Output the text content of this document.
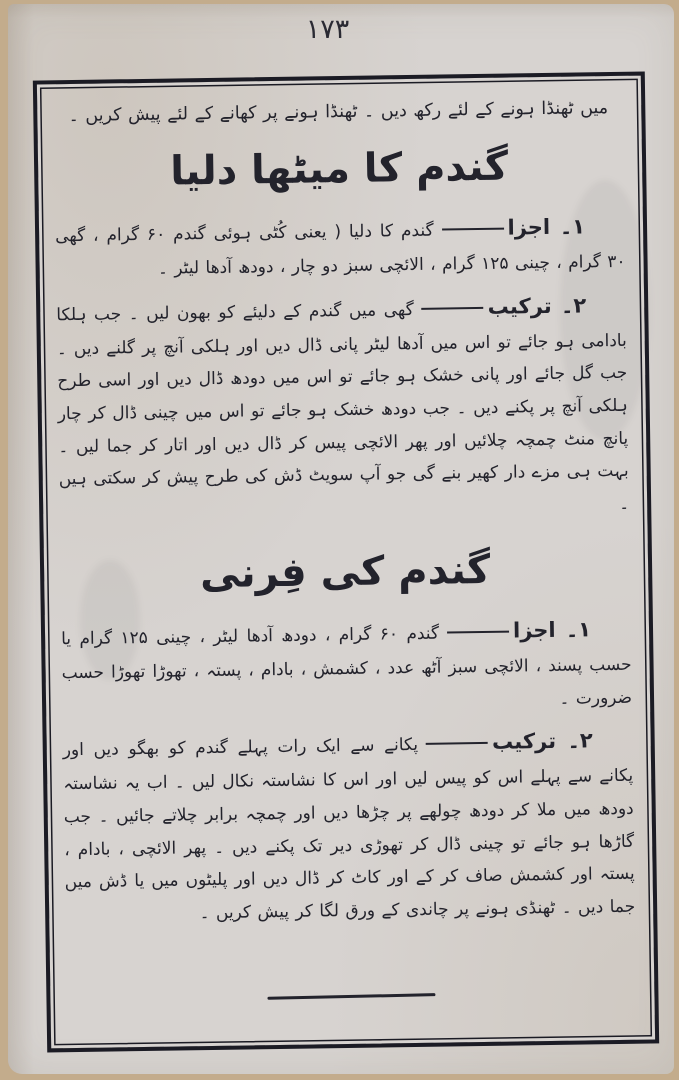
۱۷۳

میں ٹھنڈا ہونے کے لئے رکھ دیں ۔ ٹھنڈا ہونے پر کھانے کے لئے پیش کریں ۔

گندم کا میٹھا دلیا

۱۔ اجزاگندم کا دلیا ( یعنی کُٹی ہوئی گندم ۶۰ گرام ، گھی ۳۰ گرام ، چینی ۱۲۵ گرام ، الائچی سبز دو چار ، دودھ آدھا لیٹر ۔

۲۔ ترکیبگھی میں گندم کے دلیئے کو بھون لیں ۔ جب ہلکا بادامی ہو جائے تو اس میں آدھا لیٹر پانی ڈال دیں اور ہلکی آنچ پر گلنے دیں ۔ جب گل جائے اور پانی خشک ہو جائے تو اس میں دودھ ڈال دیں اور اسی طرح ہلکی آنچ پر پکنے دیں ۔ جب دودھ خشک ہو جائے تو اس میں چینی ڈال کر چار پانچ منٹ چمچہ چلائیں اور پھر الائچی پیس کر ڈال دیں اور اتار کر جما لیں ۔ بہت ہی مزے دار کھیر بنے گی جو آپ سویٹ ڈش کی طرح پیش کر سکتی ہیں ۔

گندم کی فِرنی

۱۔ اجزاگندم ۶۰ گرام ، دودھ آدھا لیٹر ، چینی ۱۲۵ گرام یا حسب پسند ، الائچی سبز آٹھ عدد ، کشمش ، بادام ، پستہ ، تھوڑا تھوڑا حسب ضرورت ۔

۲۔ ترکیبپکانے سے ایک رات پہلے گندم کو بھگو دیں اور پکانے سے پہلے اس کو پیس لیں اور اس کا نشاستہ نکال لیں ۔ اب یہ نشاستہ دودھ میں ملا کر دودھ چولھے پر چڑھا دیں اور چمچہ برابر چلاتے جائیں ۔ جب گاڑھا ہو جائے تو چینی ڈال کر تھوڑی دیر تک پکنے دیں ۔ پھر الائچی ، بادام ، پستہ اور کشمش صاف کر کے اور کاٹ کر ڈال دیں اور پلیٹوں میں یا ڈش میں جما دیں ۔ ٹھنڈی ہونے پر چاندی کے ورق لگا کر پیش کریں ۔
